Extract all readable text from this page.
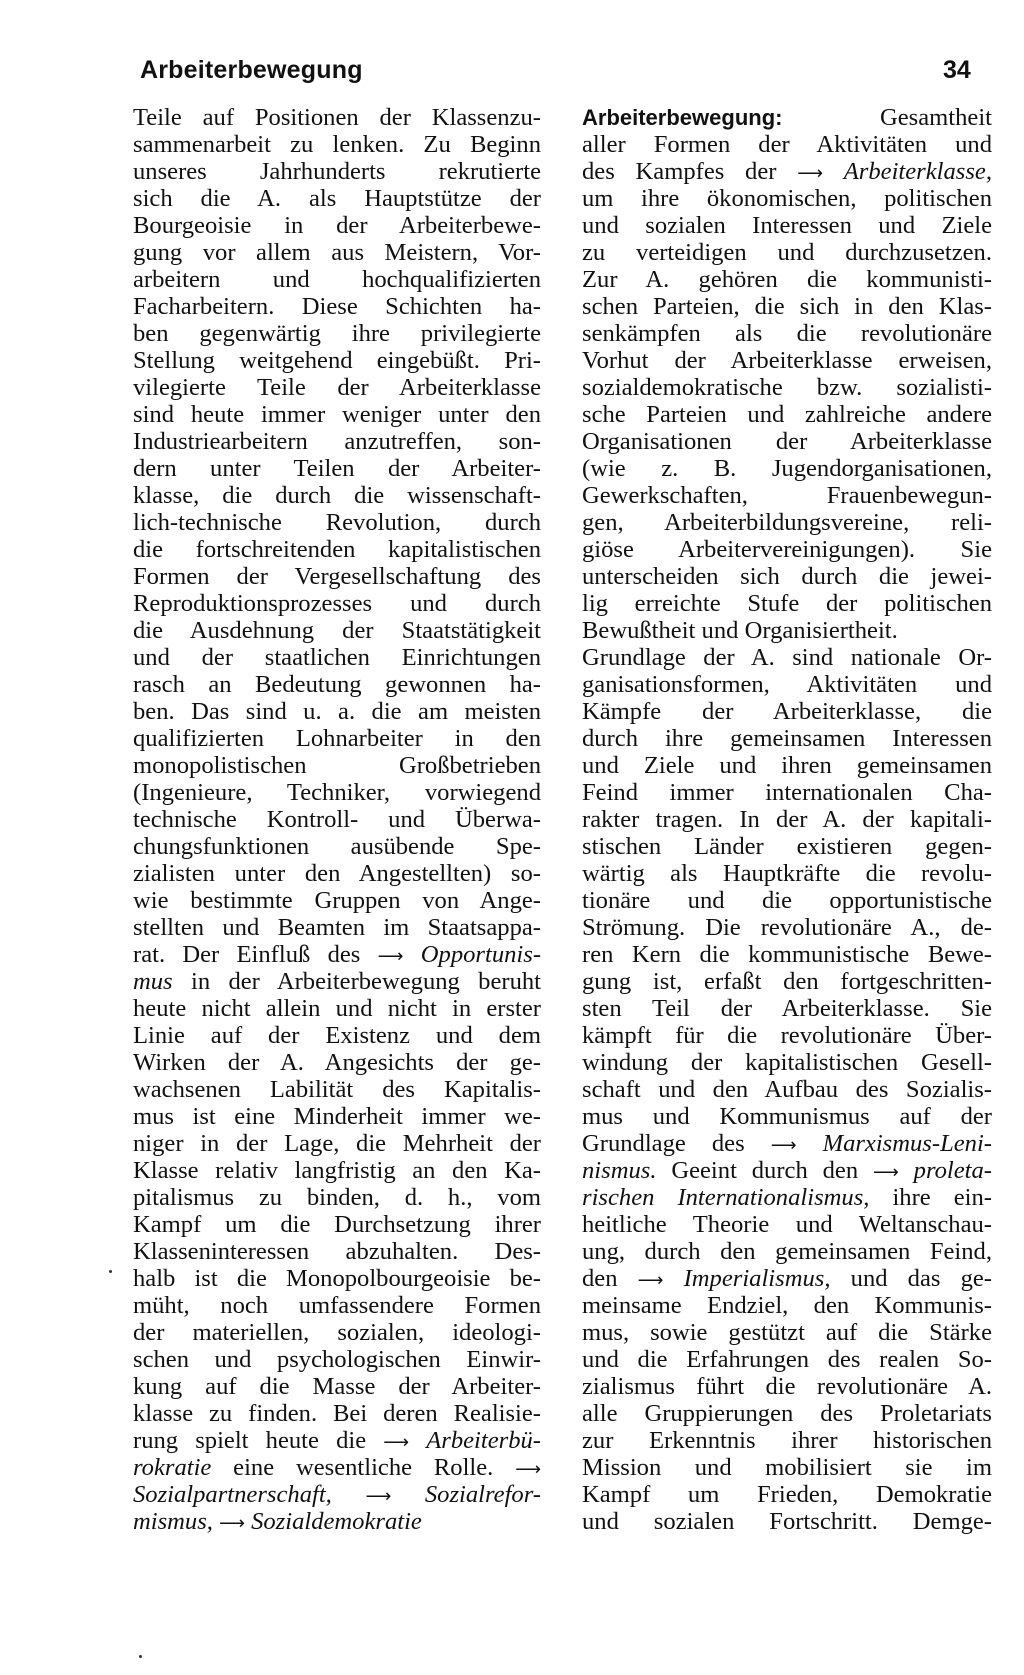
Arbeiterbewegung	34
Teile auf Positionen der Klassenzu-
sammenarbeit zu lenken. Zu Beginn
unseres Jahrhunderts rekrutierte
sich die A. als Hauptstütze der
Bourgeoisie in der Arbeiterbewe-
gung vor allem aus Meistern, Vor-
arbeitern und hochqualifizierten
Facharbeitern. Diese Schichten ha-
ben gegenwärtig ihre privilegierte
Stellung weitgehend eingebüßt. Pri-
vilegierte Teile der Arbeiterklasse
sind heute immer weniger unter den
Industriearbeitern anzutreffen, son-
dern unter Teilen der Arbeiter-
klasse, die durch die wissenschaft-
lich-technische Revolution, durch
die fortschreitenden kapitalistischen
Formen der Vergesellschaftung des
Reproduktionsprozesses und durch
die Ausdehnung der Staatstätigkeit
und der staatlichen Einrichtungen
rasch an Bedeutung gewonnen ha-
ben. Das sind u. a. die am meisten
qualifizierten Lohnarbeiter in den
monopolistischen Großbetrieben
(Ingenieure, Techniker, vorwiegend
technische Kontroll- und Überwa-
chungsfunktionen ausübende Spe-
zialisten unter den Angestellten) so-
wie bestimmte Gruppen von Ange-
stellten und Beamten im Staatsappa-
rat. Der Einfluß des ⟶ Opportunis-
mus in der Arbeiterbewegung beruht
heute nicht allein und nicht in erster
Linie auf der Existenz und dem
Wirken der A. Angesichts der ge-
wachsenen Labilität des Kapitalis-
mus ist eine Minderheit immer we-
niger in der Lage, die Mehrheit der
Klasse relativ langfristig an den Ka-
pitalismus zu binden, d. h., vom
Kampf um die Durchsetzung ihrer
Klasseninteressen abzuhalten. Des-
halb ist die Monopolbourgeoisie be-
müht, noch umfassendere Formen
der materiellen, sozialen, ideologi-
schen und psychologischen Einwir-
kung auf die Masse der Arbeiter-
klasse zu finden. Bei deren Realisie-
rung spielt heute die ⟶ Arbeiterbü-
rokratie eine wesentliche Rolle. ⟶
Sozialpartnerschaft, ⟶ Sozialrefor-
mismus, ⟶ Sozialdemokratie
Arbeiterbewegung:	Gesamtheit
aller Formen der Aktivitäten und
des Kampfes der ⟶ Arbeiterklasse,
um ihre ökonomischen, politischen
und sozialen Interessen und Ziele
zu verteidigen und durchzusetzen.
Zur A. gehören die kommunisti-
schen Parteien, die sich in den Klas-
senkämpfen als die revolutionäre
Vorhut der Arbeiterklasse erweisen,
sozialdemokratische bzw. sozialisti-
sche Parteien und zahlreiche andere
Organisationen der Arbeiterklasse
(wie z. B. Jugendorganisationen,
Gewerkschaften, Frauenbewegun-
gen, Arbeiterbildungsvereine, reli-
giöse Arbeitervereinigungen). Sie
unterscheiden sich durch die jewei-
lig erreichte Stufe der politischen
Bewußtheit und Organisiertheit.
Grundlage der A. sind nationale Or-
ganisationsformen, Aktivitäten und
Kämpfe der Arbeiterklasse, die
durch ihre gemeinsamen Interessen
und Ziele und ihren gemeinsamen
Feind immer internationalen Cha-
rakter tragen. In der A. der kapitali-
stischen Länder existieren gegen-
wärtig als Hauptkräfte die revolu-
tionäre und die opportunistische
Strömung. Die revolutionäre A., de-
ren Kern die kommunistische Bewe-
gung ist, erfaßt den fortgeschritten-
sten Teil der Arbeiterklasse. Sie
kämpft für die revolutionäre Über-
windung der kapitalistischen Gesell-
schaft und den Aufbau des Sozialis-
mus und Kommunismus auf der
Grundlage des ⟶ Marxismus-Leni-
nismus. Geeint durch den ⟶ proleta-
rischen Internationalismus, ihre ein-
heitliche Theorie und Weltanschau-
ung, durch den gemeinsamen Feind,
den ⟶ Imperialismus, und das ge-
meinsame Endziel, den Kommunis-
mus, sowie gestützt auf die Stärke
und die Erfahrungen des realen So-
zialismus führt die revolutionäre A.
alle Gruppierungen des Proletariats
zur Erkenntnis ihrer historischen
Mission und mobilisiert sie im
Kampf um Frieden, Demokratie
und sozialen Fortschritt. Demge-
